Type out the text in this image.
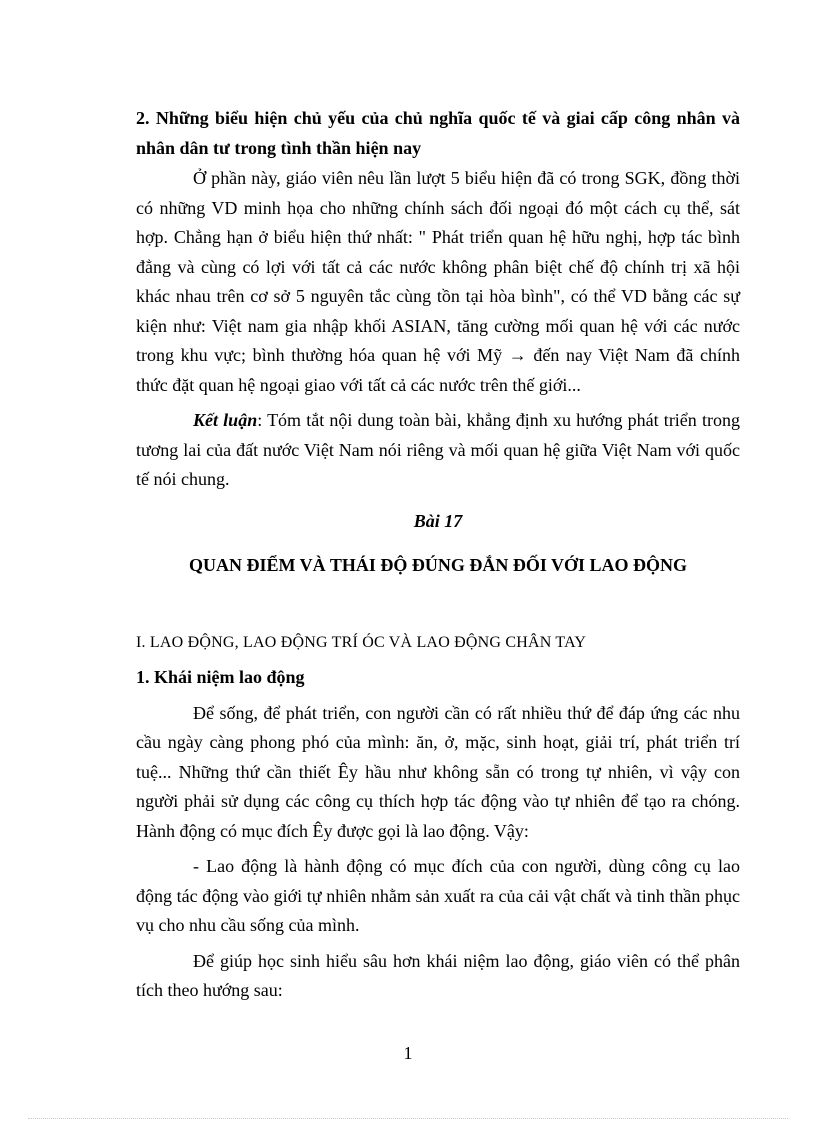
2. Những biểu hiện chủ yếu của chủ nghĩa quốc tế và giai cấp công nhân và nhân dân tư trong tình thần hiện nay

Ở phần này, giáo viên nêu lần lượt 5 biểu hiện đã có trong SGK, đồng thời có những VD minh họa cho những chính sách đối ngoại đó một cách cụ thể, sát hợp. Chẳng hạn ở biểu hiện thứ nhất: " Phát triển quan hệ hữu nghị, hợp tác bình đẳng và cùng có lợi với tất cả các nước không phân biệt chế độ chính trị xã hội khác nhau trên cơ sở 5 nguyên tắc cùng tồn tại hòa bình", có thể VD bằng các sự kiện như: Việt nam gia nhập khối ASIAN, tăng cường mối quan hệ với các nước trong khu vực; bình thường hóa quan hệ với Mỹ → đến nay Việt Nam đã chính thức đặt quan hệ ngoại giao với tất cả các nước trên thế giới...

Kết luận: Tóm tắt nội dung toàn bài, khẳng định xu hướng phát triển trong tương lai của đất nước Việt Nam nói riêng và mối quan hệ giữa Việt Nam với quốc tế nói chung.

Bài 17

QUAN ĐIỂM VÀ THÁI ĐỘ ĐÚNG ĐẮN ĐỐI VỚI LAO ĐỘNG

I. LAO ĐỘNG, LAO ĐỘNG TRÍ ÓC VÀ LAO ĐỘNG CHÂN TAY

1. Khái niệm lao động

Để sống, để phát triển, con người cần có rất nhiều thứ để đáp ứng các nhu cầu ngày càng phong phó của mình: ăn, ở, mặc, sinh hoạt, giải trí, phát triển trí tuệ... Những thứ cần thiết Êy hầu như không sẵn có trong tự nhiên, vì vậy con người phải sử dụng các công cụ thích hợp tác động vào tự nhiên để tạo ra chóng. Hành động có mục đích Êy được gọi là lao động. Vậy:

- Lao động là hành động có mục đích của con người, dùng công cụ lao động tác động vào giới tự nhiên nhằm sản xuất ra của cải vật chất và tinh thần phục vụ cho nhu cầu sống của mình.

Để giúp học sinh hiểu sâu hơn khái niệm lao động, giáo viên có thể phân tích theo hướng sau:

1
